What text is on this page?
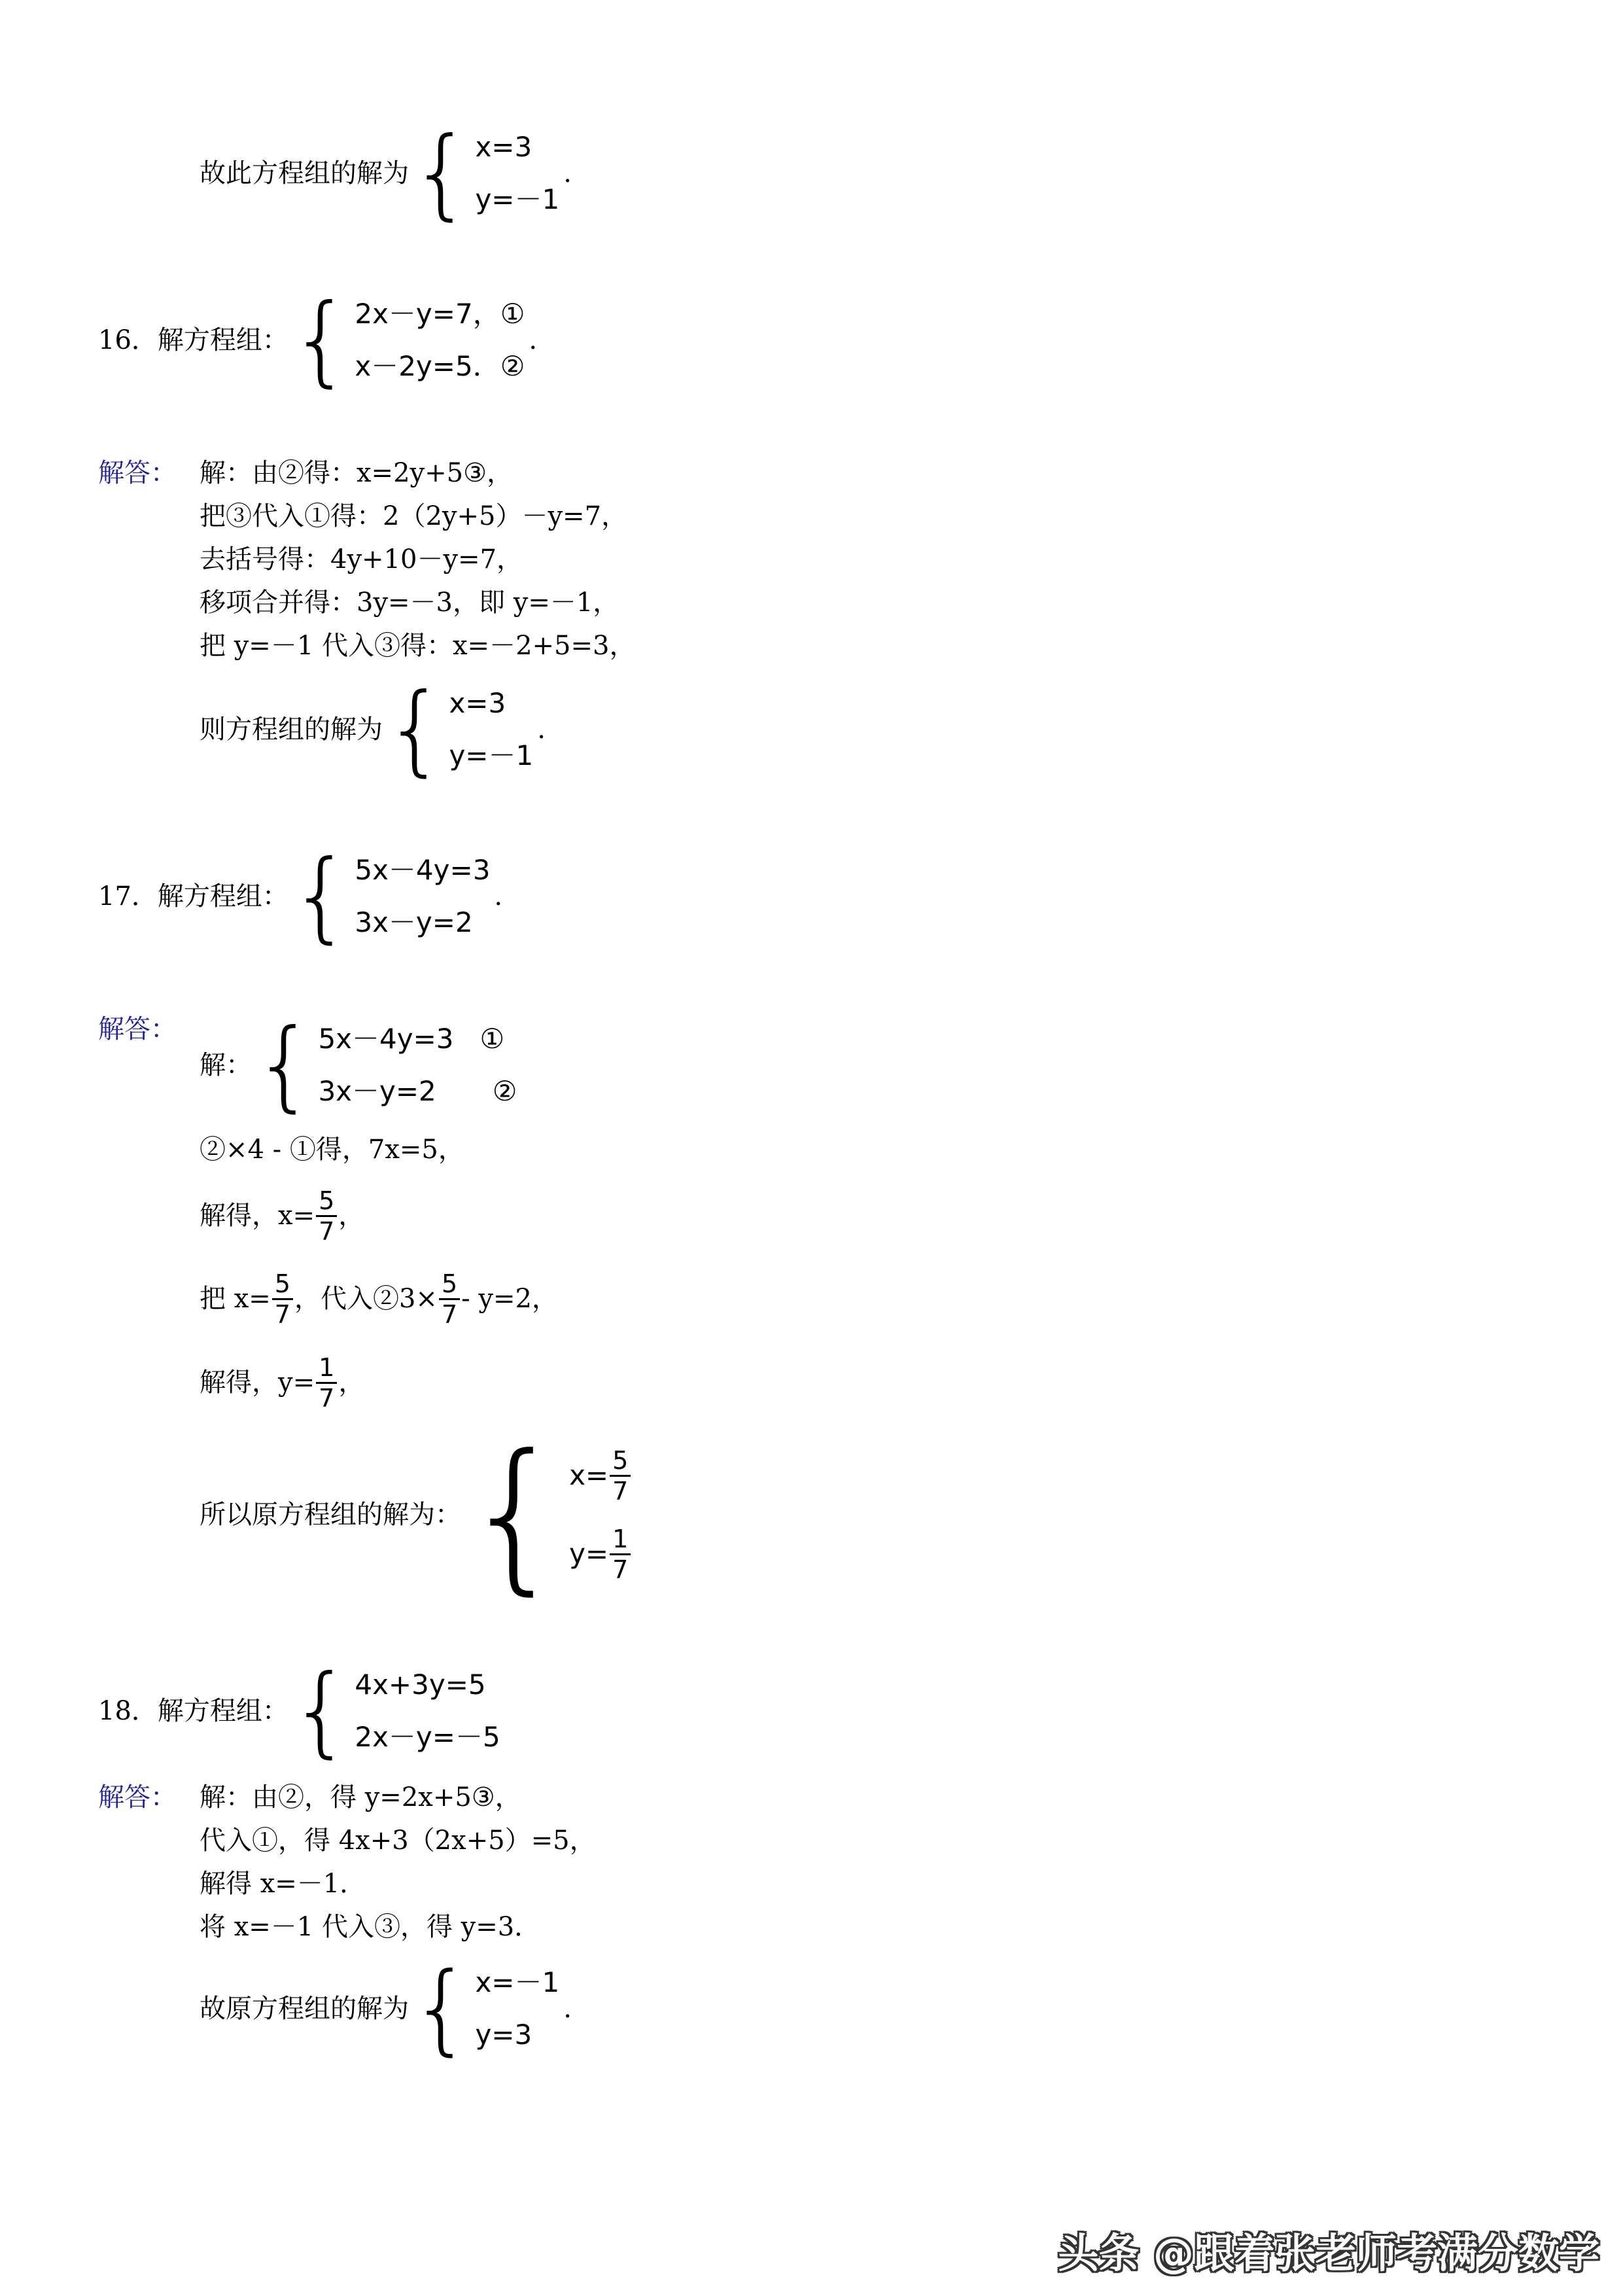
故此方程组的解为 { x=3
y=－1
.
16．解方程组： { 2x－y=7，①
x－2y=5．②
.
解答： 解：由②得：x=2y+5③，
把③代入①得：2（2y+5）－y=7，
去括号得：4y+10－y=7，
移项合并得：3y=－3，即 y=－1，
把 y=－1 代入③得：x=－2+5=3，
则方程组的解为 { x=3
y=－1
.
17．解方程组： { 5x－4y=3
3x－y=2
.
解答：
解： { 5x－4y=3 ①
3x－y=2 ②
②×4 - ①得，7x=5，
解得，$x= \frac{5}{7}$ ，
把 $x= \frac{5}{7}$ ，代入②3× $\frac{5}{7} - y=2$，
解得，$y= \frac{1}{7}$ ，
所以原方程组的解为： { $x= \frac{5}{7}$
$y= \frac{1}{7}$
18．解方程组： { 4x+3y=5
2x－y=－5
解答： 解：由②，得 y=2x+5③，
代入①，得 4x+3（2x+5）=5，
解得 x=－1．
将 x=－1 代入③，得 y=3．
故原方程组的解为 { x=－1
y=3
.
头条 @跟着张老师考满分数学
